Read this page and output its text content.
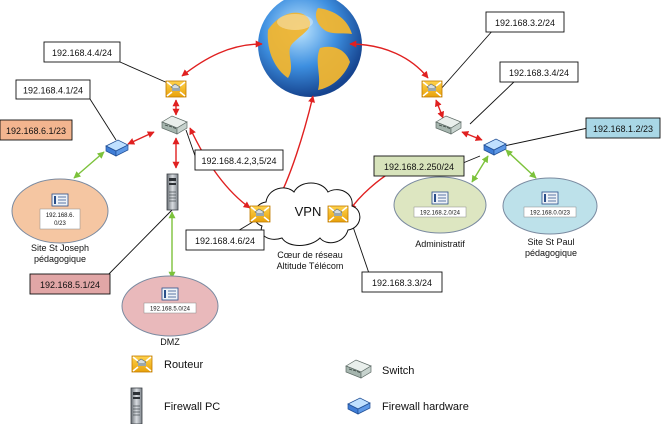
VPN
Cœur de réseau
Altitude Télécom
192.168.6.
0/23
Site St Joseph
pédagogique
192.168.5.0/24
DMZ
192.168.2.0/24
Administratif
192.168.0.0/23
Site St Paul
pédagogique
192.168.4.4/24
192.168.4.1/24
192.168.6.1/23
192.168.4.2,3,5/24
192.168.4.6/24
192.168.5.1/24
192.168.3.2/24
192.168.3.4/24
192.168.1.2/23
192.168.2.250/24
192.168.3.3/24
Routeur
Firewall PC
Switch
Firewall hardware
